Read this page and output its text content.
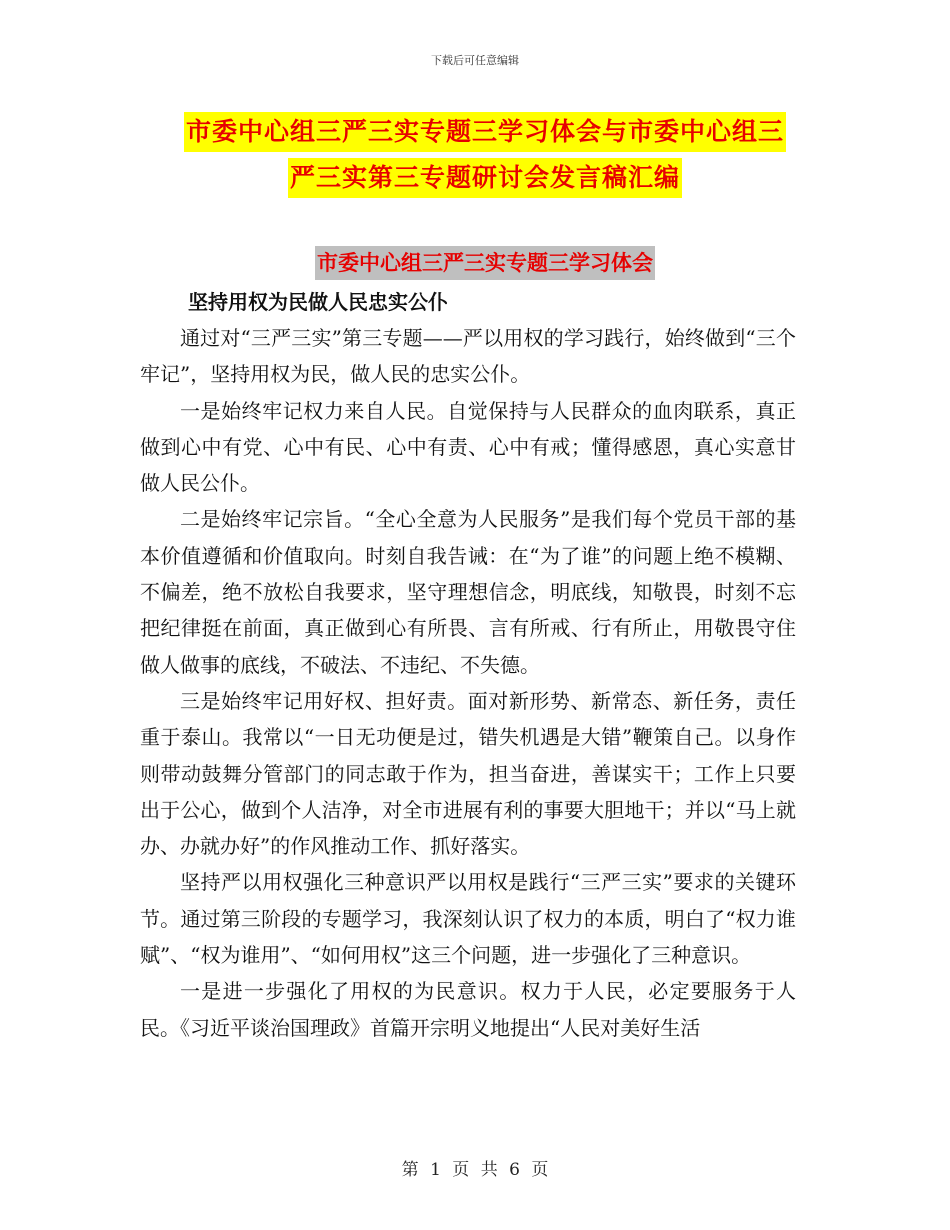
下载后可任意编辑
市委中心组三严三实专题三学习体会与市委中心组三
严三实第三专题研讨会发言稿汇编
市委中心组三严三实专题三学习体会
坚持用权为民做人民忠实公仆

通过对“三严三实”第三专题——严以用权的学习践行，始终做到“三个牢记”，坚持用权为民，做人民的忠实公仆。

一是始终牢记权力来自人民。自觉保持与人民群众的血肉联系，真正做到心中有党、心中有民、心中有责、心中有戒；懂得感恩，真心实意甘做人民公仆。

二是始终牢记宗旨。“全心全意为人民服务”是我们每个党员干部的基本价值遵循和价值取向。时刻自我告诫：在“为了谁”的问题上绝不模糊、不偏差，绝不放松自我要求，坚守理想信念，明底线，知敬畏，时刻不忘把纪律挺在前面，真正做到心有所畏、言有所戒、行有所止，用敬畏守住做人做事的底线，不破法、不违纪、不失德。

三是始终牢记用好权、担好责。面对新形势、新常态、新任务，责任重于泰山。我常以“一日无功便是过，错失机遇是大错”鞭策自己。以身作则带动鼓舞分管部门的同志敢于作为，担当奋进，善谋实干；工作上只要出于公心，做到个人洁净，对全市进展有利的事要大胆地干；并以“马上就办、办就办好”的作风推动工作、抓好落实。

坚持严以用权强化三种意识严以用权是践行“三严三实”要求的关键环节。通过第三阶段的专题学习，我深刻认识了权力的本质，明白了“权力谁赋”、“权为谁用”、“如何用权”这三个问题，进一步强化了三种意识。

一是进一步强化了用权的为民意识。权力于人民，必定要服务于人民。《习近平谈治国理政》首篇开宗明义地提出“人民对美好生活

第 1 页 共 6 页
